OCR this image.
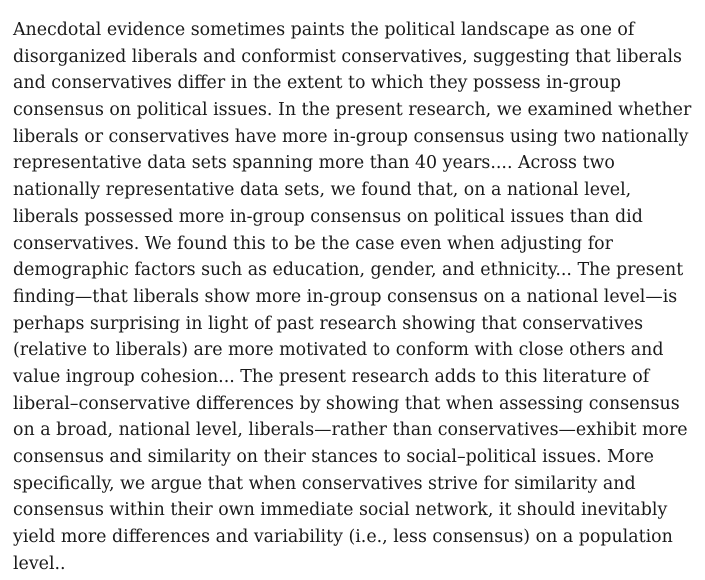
Anecdotal evidence sometimes paints the political landscape as one of
disorganized liberals and conformist conservatives, suggesting that liberals
and conservatives differ in the extent to which they possess in-group
consensus on political issues. In the present research, we examined whether
liberals or conservatives have more in-group consensus using two nationally
representative data sets spanning more than 40 years.... Across two
nationally representative data sets, we found that, on a national level,
liberals possessed more in-group consensus on political issues than did
conservatives. We found this to be the case even when adjusting for
demographic factors such as education, gender, and ethnicity... The present
finding—that liberals show more in-group consensus on a national level—is
perhaps surprising in light of past research showing that conservatives
(relative to liberals) are more motivated to conform with close others and
value ingroup cohesion... The present research adds to this literature of
liberal–conservative differences by showing that when assessing consensus
on a broad, national level, liberals—rather than conservatives—exhibit more
consensus and similarity on their stances to social–political issues. More
specifically, we argue that when conservatives strive for similarity and
consensus within their own immediate social network, it should inevitably
yield more differences and variability (i.e., less consensus) on a population
level..
